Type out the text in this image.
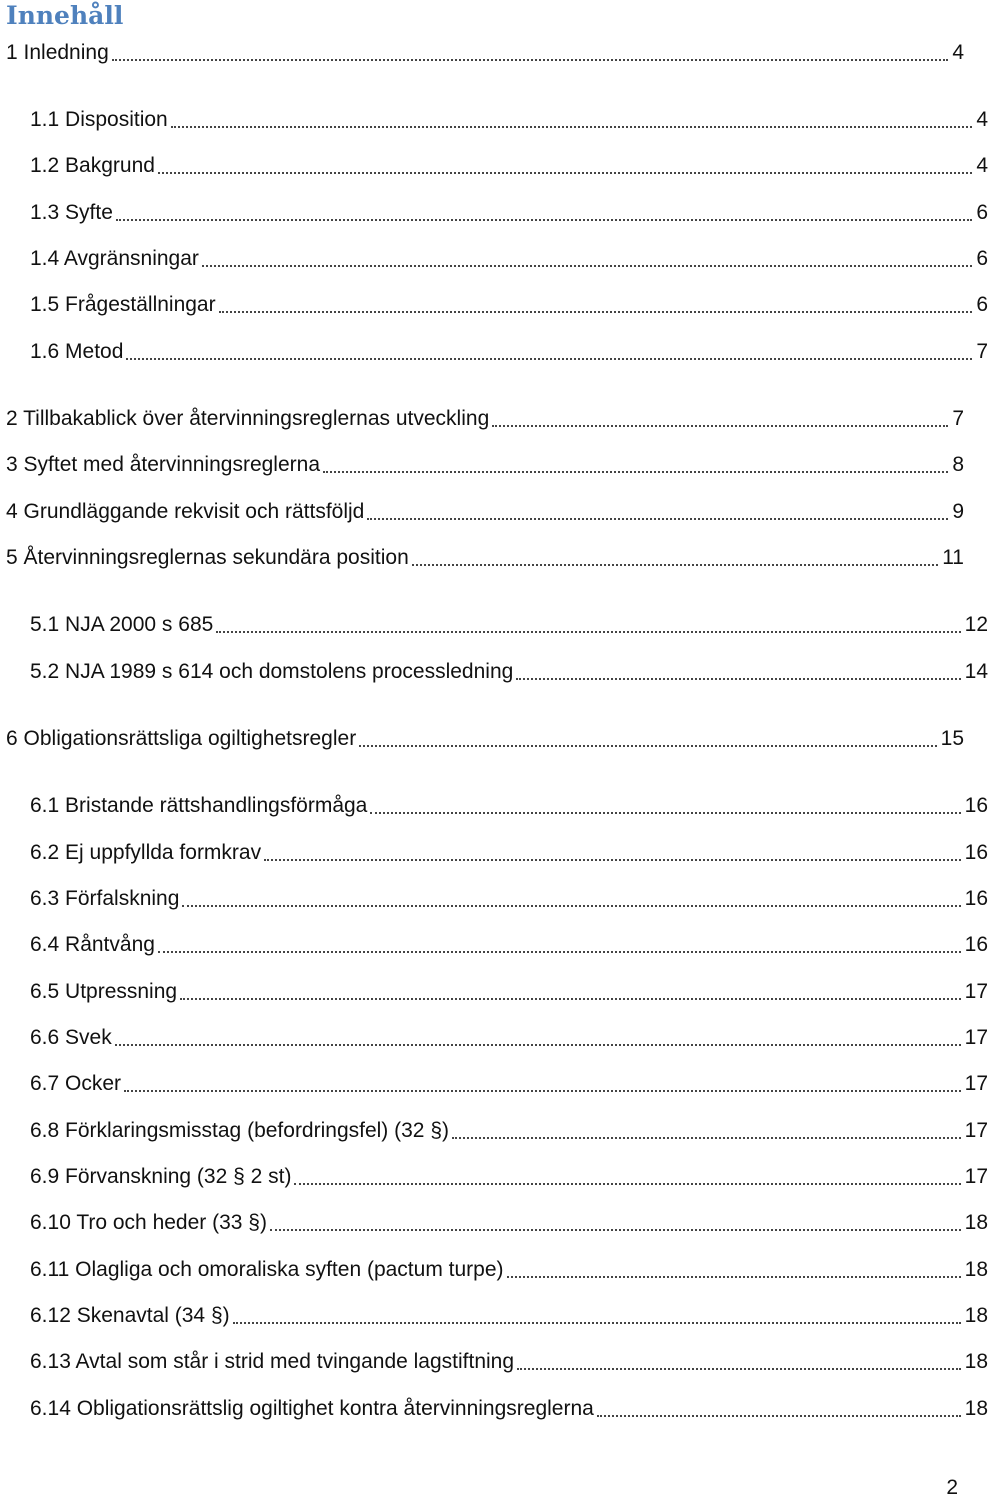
Innehåll
1 Inledning	4
1.1 Disposition	4
1.2 Bakgrund	4
1.3 Syfte	6
1.4 Avgränsningar	6
1.5 Frågeställningar	6
1.6 Metod	7
2 Tillbakablick över återvinningsreglernas utveckling	7
3 Syftet med återvinningsreglerna	8
4 Grundläggande rekvisit och rättsföljd	9
5 Återvinningsreglernas sekundära position	11
5.1 NJA 2000 s 685	12
5.2 NJA 1989 s 614 och domstolens processledning	14
6 Obligationsrättsliga ogiltighetsregler	15
6.1 Bristande rättshandlingsförmåga	16
6.2 Ej uppfyllda formkrav	16
6.3 Förfalskning	16
6.4 Råntvång	16
6.5 Utpressning	17
6.6 Svek	17
6.7 Ocker	17
6.8 Förklaringsmisstag (befordringsfel) (32 §)	17
6.9 Förvanskning (32 § 2 st)	17
6.10 Tro och heder (33 §)	18
6.11 Olagliga och omoraliska syften (pactum turpe)	18
6.12 Skenavtal (34 §)	18
6.13 Avtal som står i strid med tvingande lagstiftning	18
6.14 Obligationsrättslig ogiltighet kontra återvinningsreglerna	18
2
